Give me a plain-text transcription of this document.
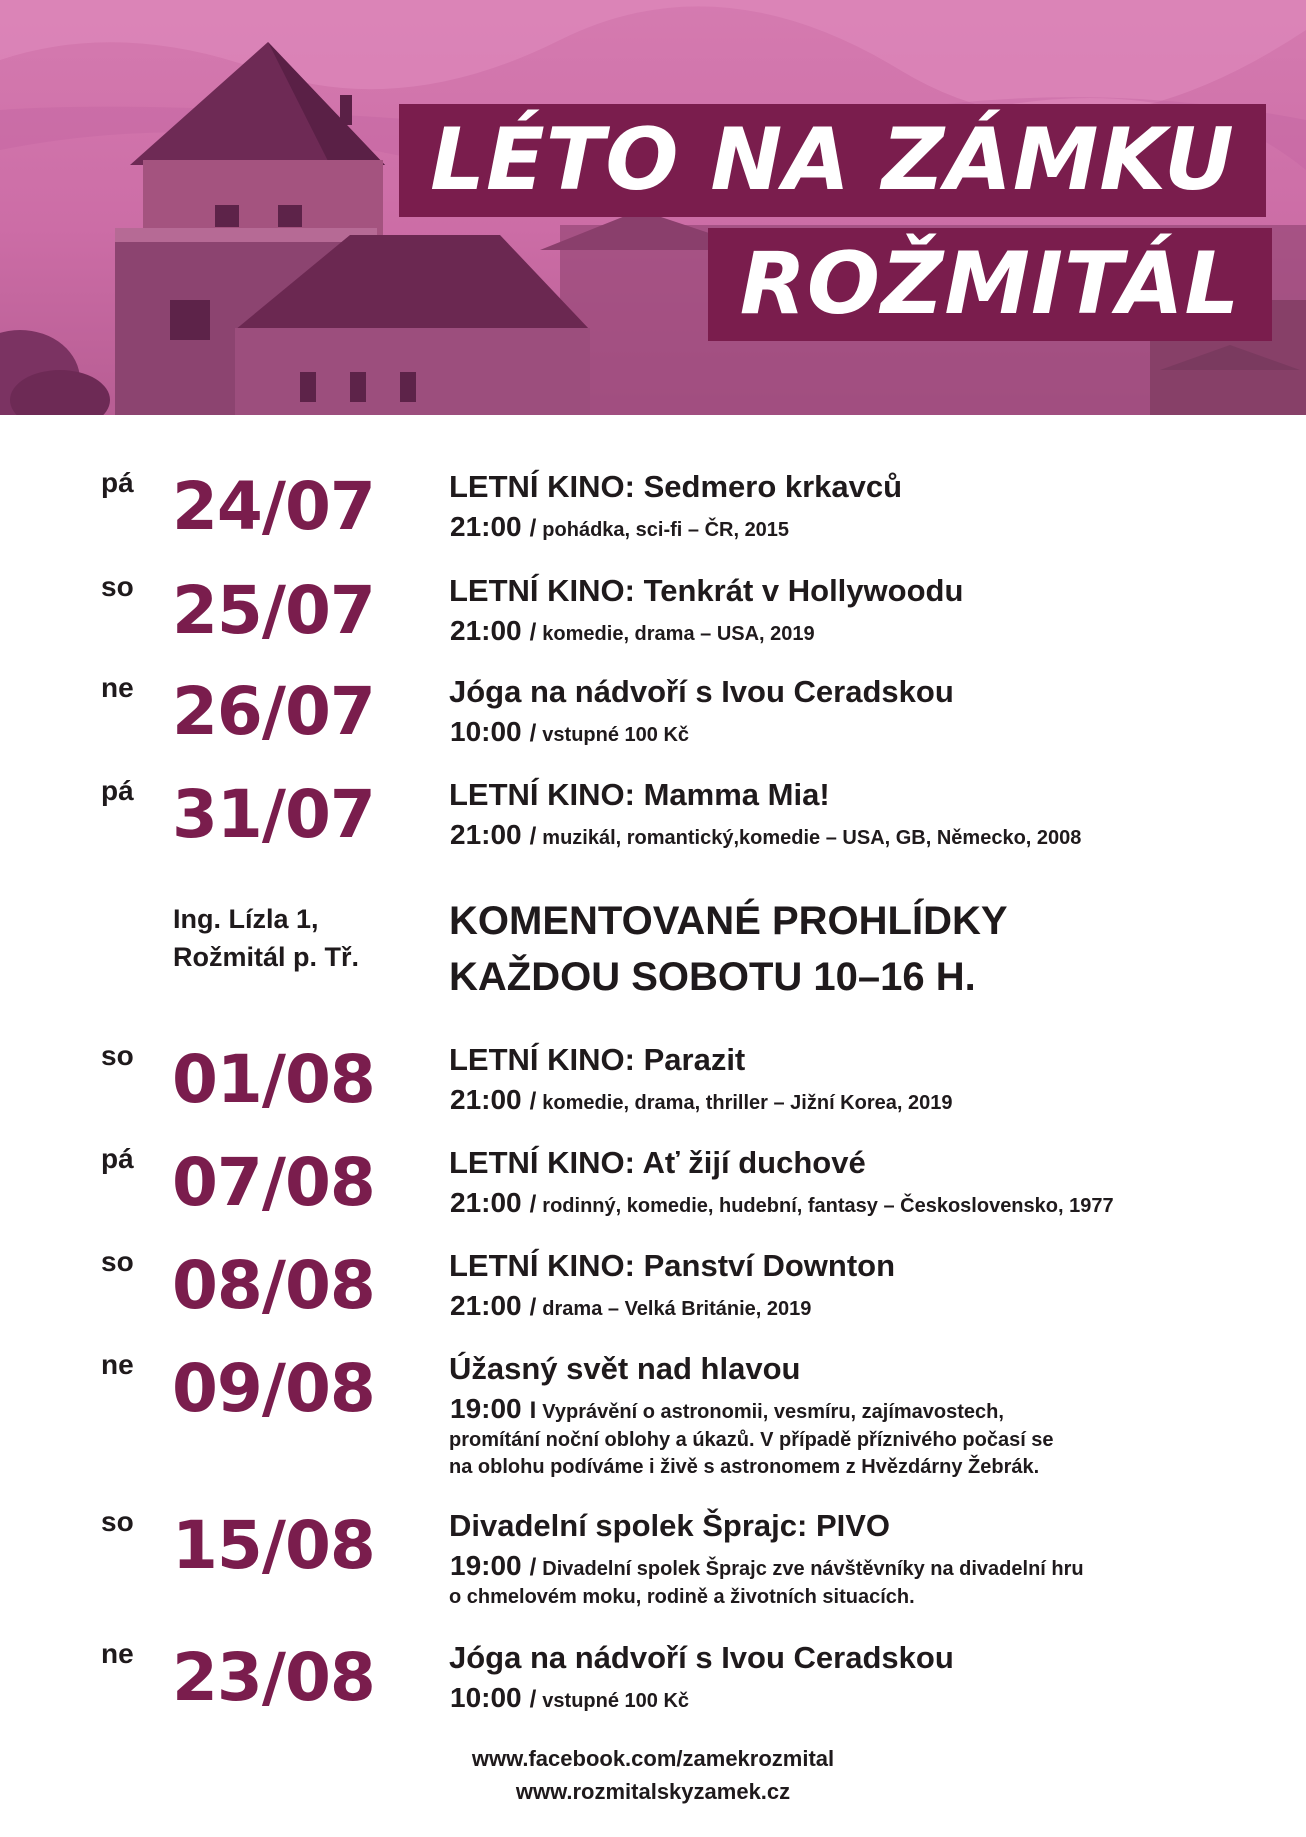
LÉTO NA ZÁMKU
ROŽMITÁL
pá 24/07 LETNÍ KINO: Sedmero krkavců
21:00 / pohádka, sci-fi – ČR, 2015
so 25/07 LETNÍ KINO: Tenkrát v Hollywoodu
21:00 / komedie, drama – USA, 2019
ne 26/07 Jóga na nádvoří s Ivou Ceradskou
10:00 / vstupné 100 Kč
pá 31/07 LETNÍ KINO: Mamma Mia!
21:00 / muzikál, romantický,komedie – USA, GB, Německo, 2008
Ing. Lízla 1,
Rožmitál p. Tř.
KOMENTOVANÉ PROHLÍDKY
KAŽDOU SOBOTU 10–16 H.
so 01/08 LETNÍ KINO: Parazit
21:00 / komedie, drama, thriller – Jižní Korea, 2019
pá 07/08 LETNÍ KINO: Ať žijí duchové
21:00 / rodinný, komedie, hudební, fantasy – Československo, 1977
so 08/08 LETNÍ KINO: Panství Downton
21:00 / drama – Velká Británie, 2019
ne 09/08 Úžasný svět nad hlavou
19:00 I Vyprávění o astronomii, vesmíru, zajímavostech,
promítání noční oblohy a úkazů. V případě příznivého počasí se
na oblohu podíváme i živě s astronomem z Hvězdárny Žebrák.
so 15/08 Divadelní spolek Šprajc: PIVO
19:00 / Divadelní spolek Šprajc zve návštěvníky na divadelní hru
o chmelovém moku, rodině a životních situacích.
ne 23/08 Jóga na nádvoří s Ivou Ceradskou
10:00 / vstupné 100 Kč
www.facebook.com/zamekrozmital
www.rozmitalskyzamek.cz
